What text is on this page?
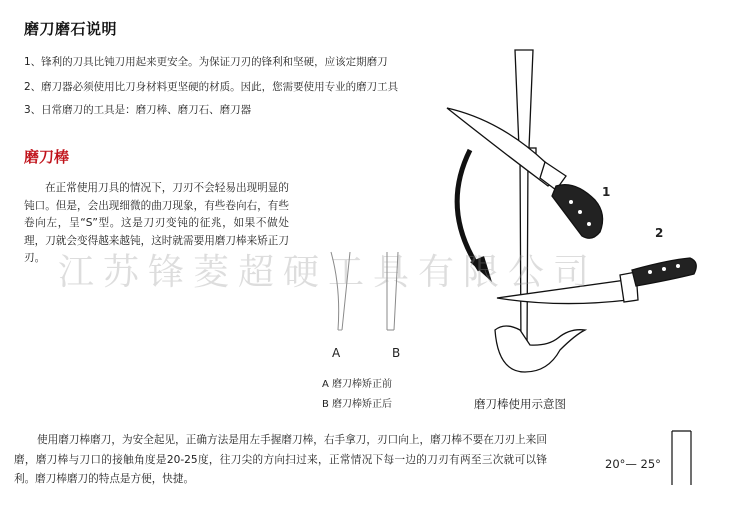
磨刀磨石说明
1、锋利的刀具比钝刀用起来更安全。为保证刀刃的锋利和坚硬，应该定期磨刀
2、磨刀器必须使用比刀身材料更坚硬的材质。因此，您需要使用专业的磨刀工具
3、日常磨刀的工具是：磨刀棒、磨刀石、磨刀器
磨刀棒
在正常使用刀具的情况下，刀刃不会轻易出现明显的钝口。但是，会出现细微的曲刀现象，有些卷向右，有些卷向左，呈“S”型。这是刀刃变钝的征兆，如果不做处理，刀就会变得越来越钝，这时就需要用磨刀棒来矫正刀刃。 江苏锋菱超硬工具有限公司
A	B
A 磨刀棒矫正前
B 磨刀棒矫正后
1
2
磨刀棒使用示意图
使用磨刀棒磨刀，为安全起见，正确方法是用左手握磨刀棒，右手拿刀，刃口向上，磨刀棒不要在刀刃上来回磨，磨刀棒与刀口的接触角度是20-25度，往刀尖的方向扫过来，正常情况下每一边的刀刃有两至三次就可以锋利。磨刀棒磨刀的特点是方便，快捷。
20°— 25°
